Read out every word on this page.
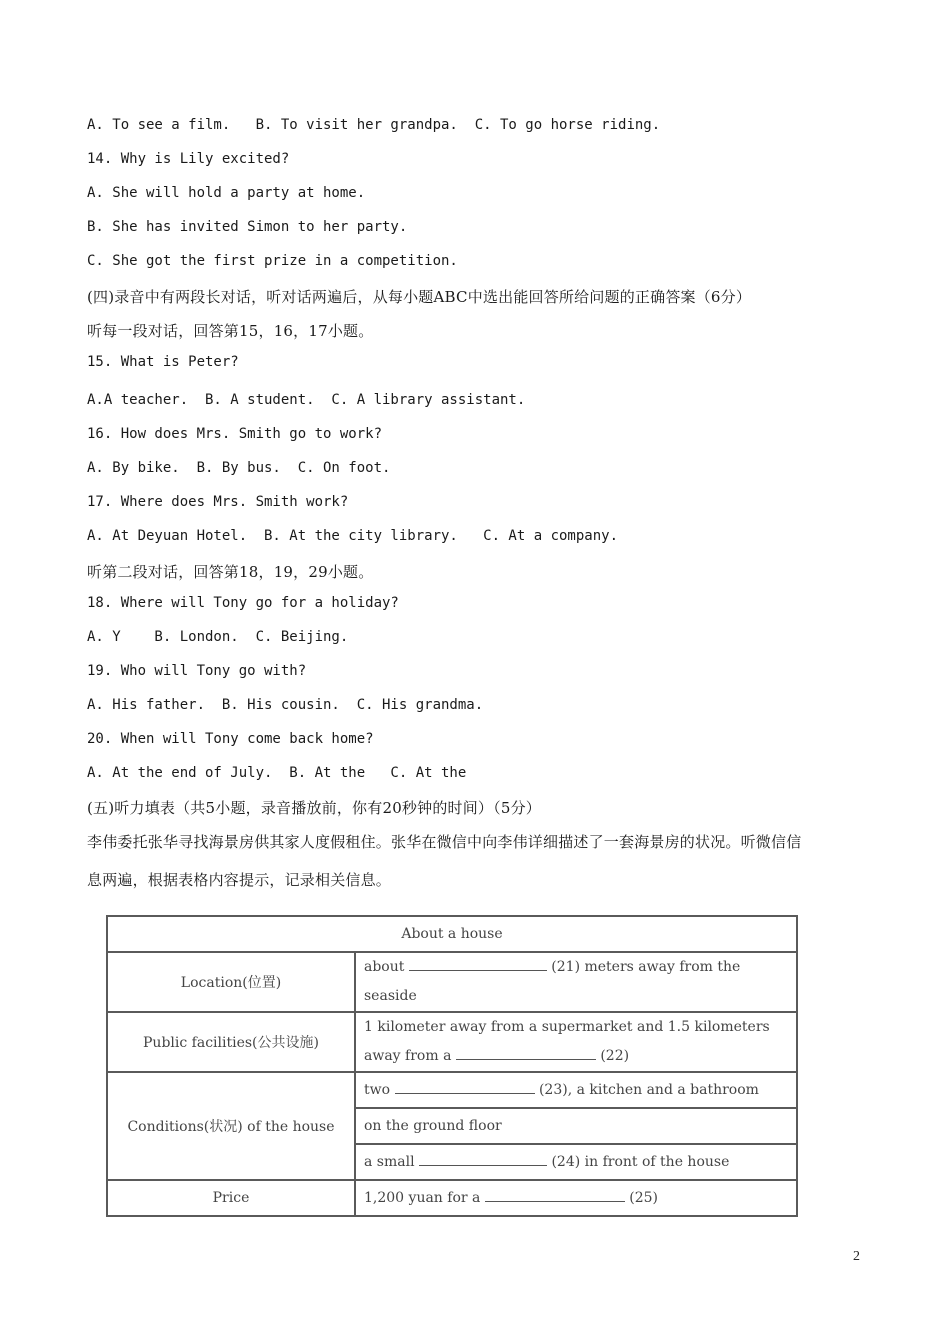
A. To see a film.   B. To visit her grandpa.  C. To go horse riding.
14. Why is Lily excited?
A. She will hold a party at home.
B. She has invited Simon to her party.
C. She got the first prize in a competition.
(四)录音中有两段长对话，听对话两遍后，从每小题ABC中选出能回答所给问题的正确答案（6分）
听每一段对话，回答第15，16，17小题。
15. What is Peter?
A.A teacher.  B. A student.  C. A library assistant.
16. How does Mrs. Smith go to work?
A. By bike.  B. By bus.  C. On foot.
17. Where does Mrs. Smith work?
A. At Deyuan Hotel.  B. At the city library.   C. At a company.
听第二段对话，回答第18，19，29小题。
18. Where will Tony go for a holiday?
A. Y    B. London.  C. Beijing.
19. Who will Tony go with?
A. His father.  B. His cousin.  C. His grandma.
20. When will Tony come back home?
A. At the end of July.  B. At the   C. At the
(五)听力填表（共5小题，录音播放前，你有20秒钟的时间）（5分）
李伟委托张华寻找海景房供其家人度假租住。张华在微信中向李伟详细描述了一套海景房的状况。听微信信
息两遍，根据表格内容提示，记录相关信息。
About a house	
Location(位置)	about (21) meters away from the
seaside
Public facilities(公共设施)	1 kilometer away from a supermarket and 1.5 kilometers
away from a (22)
Conditions(状况) of the house	two (23), a kitchen and a bathroom
	on the ground floor
	a small (24) in front of the house
Price	1,200 yuan for a (25)
2
